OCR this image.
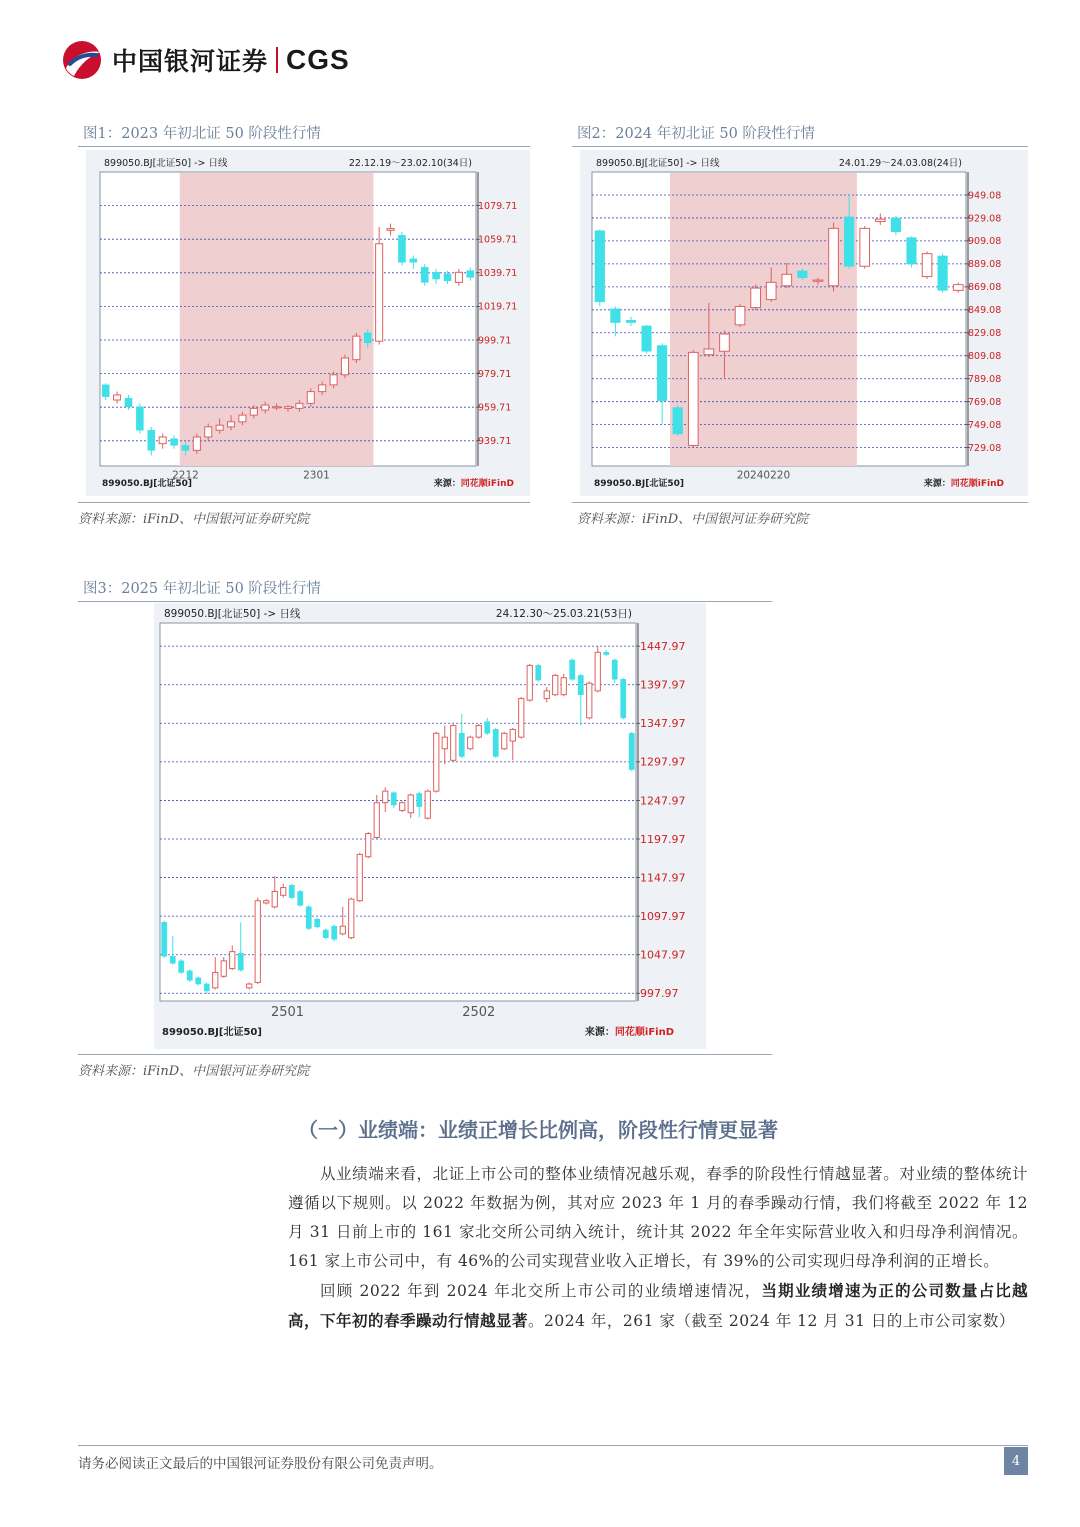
中国银河证券 CGS
图1：2023 年初北证 50 阶段性行情
1079.71
1059.71
1039.71
1019.71
999.71
979.71
959.71
939.71
2212	2301
899050.BJ[北证50] -> 日线	22.12.19～23.02.10(34日)
899050.BJ[北证50]	来源：同花顺iFinD
资料来源：iFinD、中国银河证券研究院
图2：2024 年初北证 50 阶段性行情
949.08
929.08
909.08
889.08
869.08
849.08
829.08
809.08
789.08
769.08
749.08
729.08
20240220
899050.BJ[北证50] -> 日线	24.01.29～24.03.08(24日)
899050.BJ[北证50]	来源：同花顺iFinD
资料来源：iFinD、中国银河证券研究院
图3：2025 年初北证 50 阶段性行情
1447.97
1397.97
1347.97
1297.97
1247.97
1197.97
1147.97
1097.97
1047.97
997.97
2501	2502
899050.BJ[北证50] -> 日线	24.12.30～25.03.21(53日)
899050.BJ[北证50]	来源：同花顺iFinD
资料来源：iFinD、中国银河证券研究院
（一）业绩端：业绩正增长比例高，阶段性行情更显著

从业绩端来看，北证上市公司的整体业绩情况越乐观，春季的阶段性行情越显著。对业绩的整体统计遵循以下规则。以 2022 年数据为例，其对应 2023 年 1 月的春季躁动行情，我们将截至 2022 年 12 月 31 日前上市的 161 家北交所公司纳入统计，统计其 2022 年全年实际营业收入和归母净利润情况。161 家上市公司中，有 46%的公司实现营业收入正增长，有 39%的公司实现归母净利润的正增长。

回顾 2022 年到 2024 年北交所上市公司的业绩增速情况，当期业绩增速为正的公司数量占比越高，下年初的春季躁动行情越显著。2024 年，261 家（截至 2024 年 12 月 31 日的上市公司家数）

请务必阅读正文最后的中国银河证券股份有限公司免责声明。	4
